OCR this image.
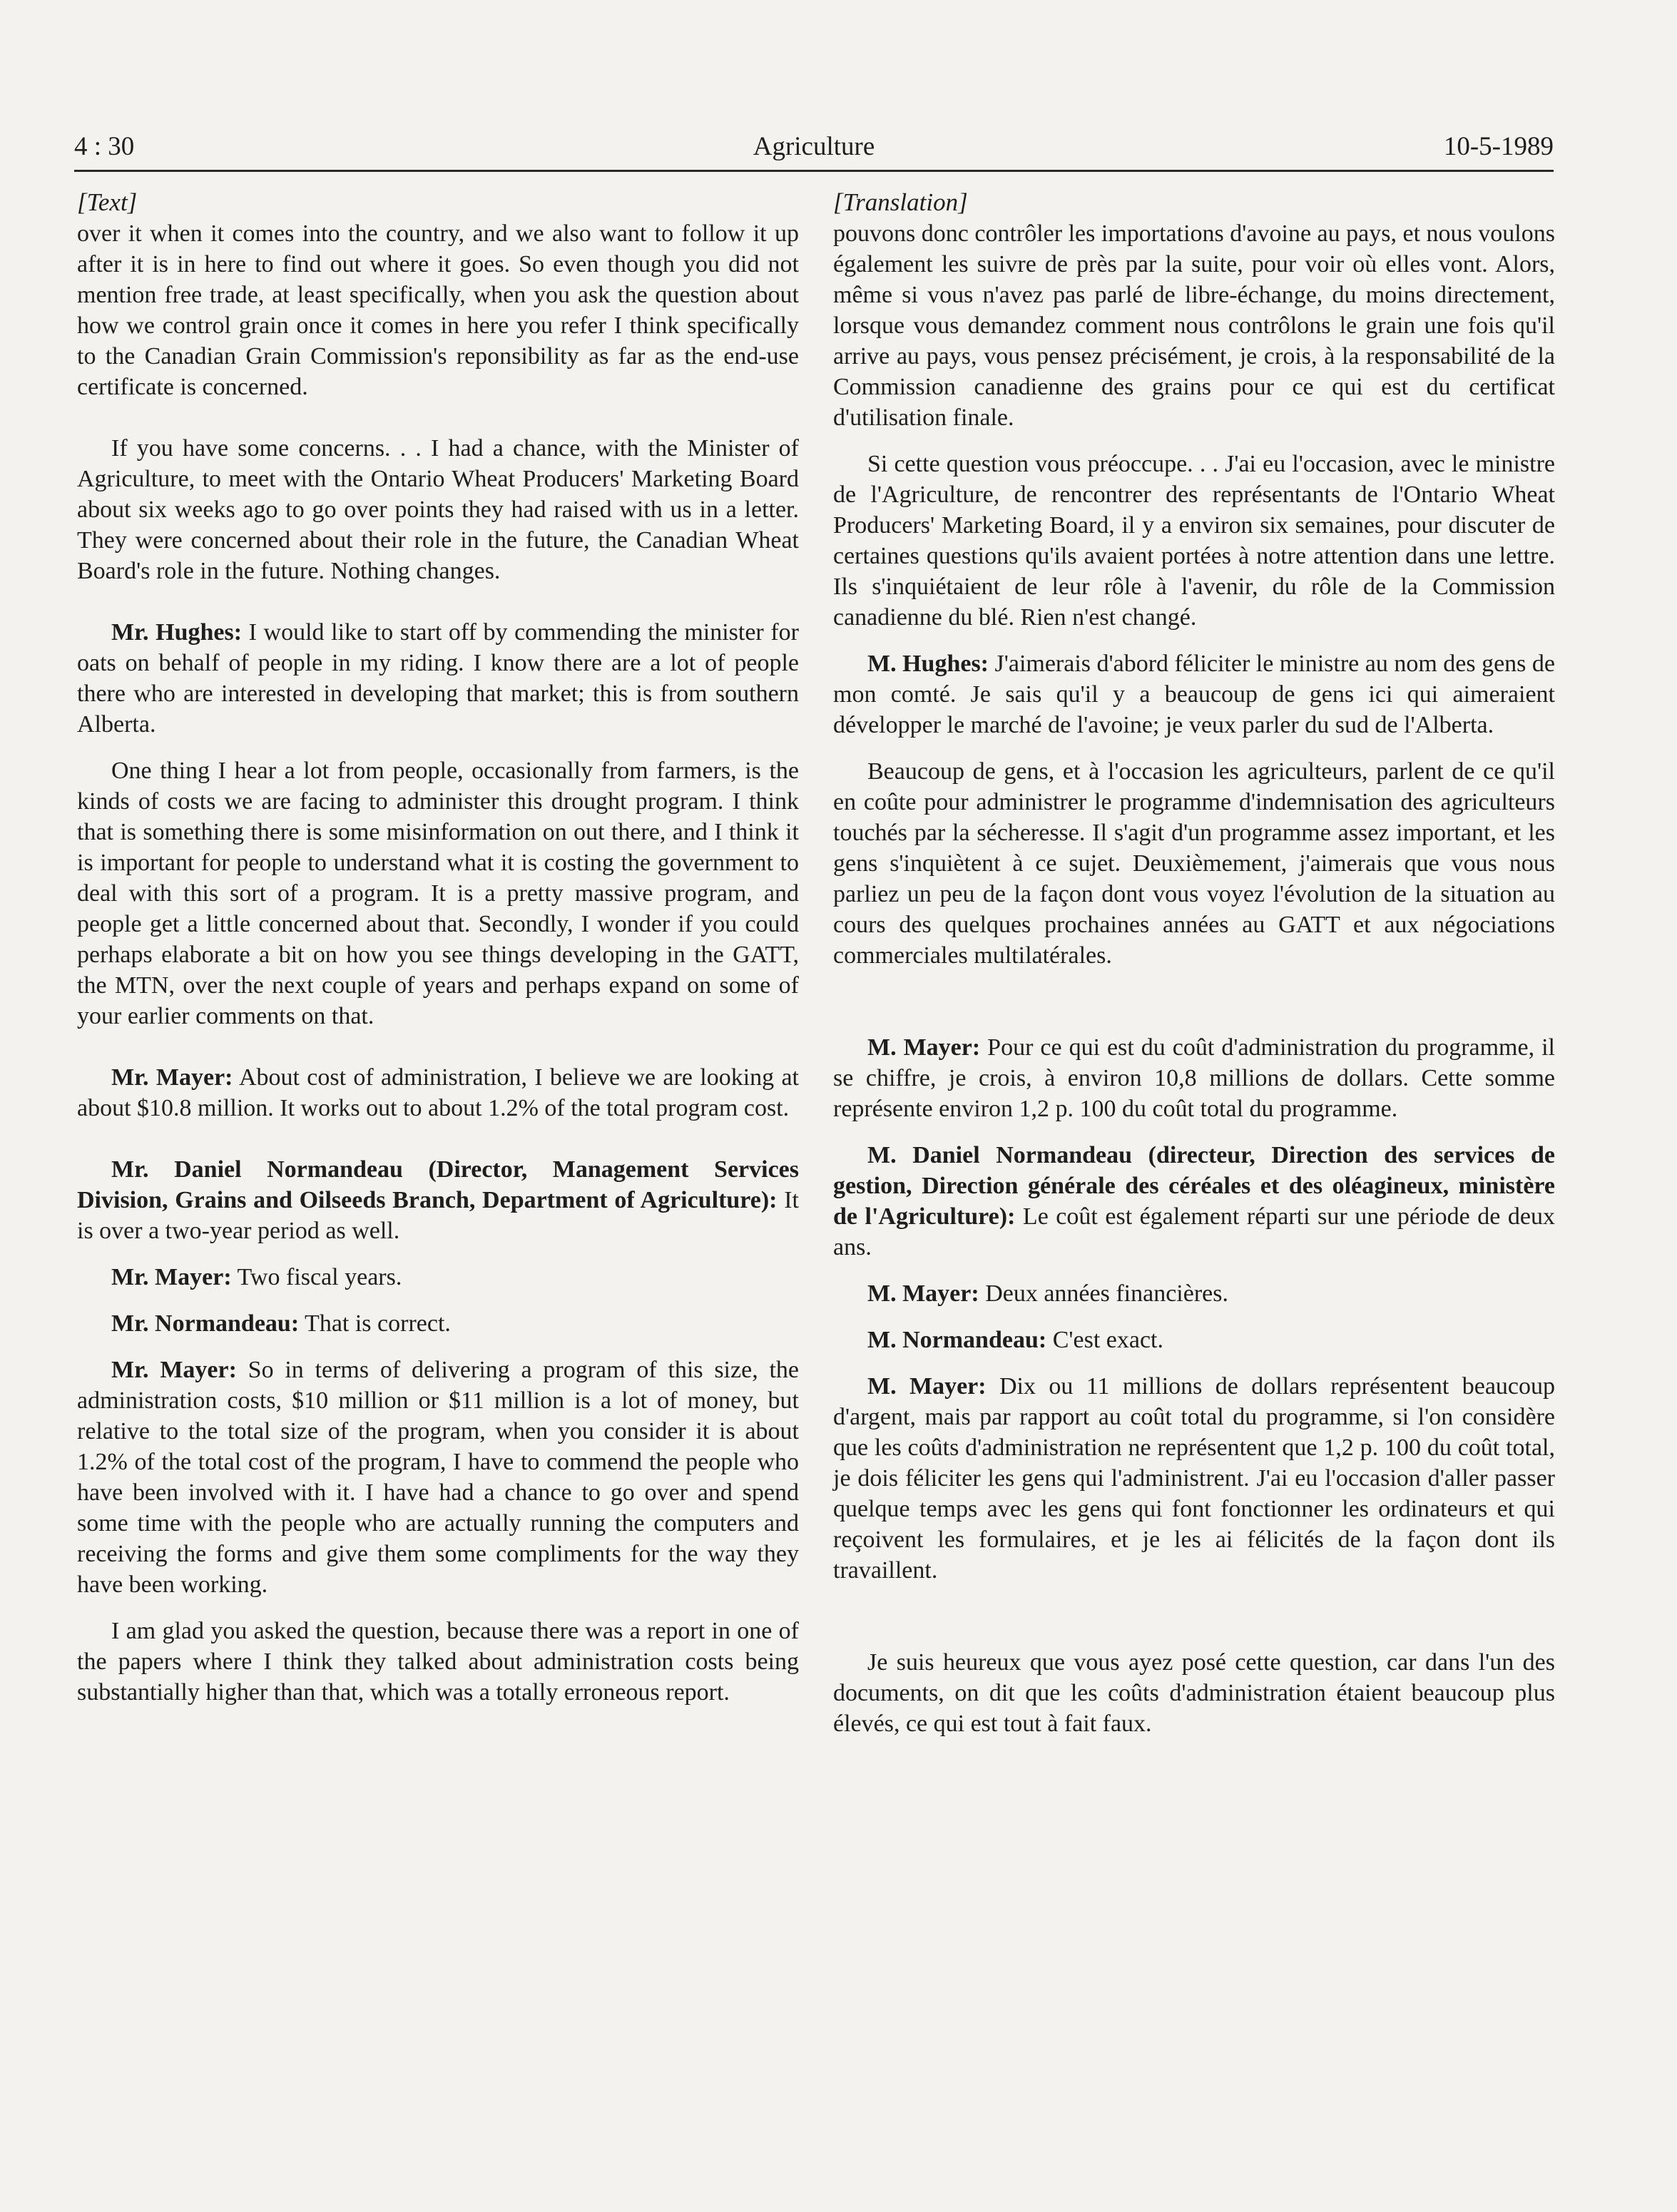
4 : 30	Agriculture	10-5-1989
[Text]

over it when it comes into the country, and we also want to follow it up after it is in here to find out where it goes. So even though you did not mention free trade, at least specifically, when you ask the question about how we control grain once it comes in here you refer I think specifically to the Canadian Grain Commission's reponsibility as far as the end-use certificate is concerned.

If you have some concerns. . . I had a chance, with the Minister of Agriculture, to meet with the Ontario Wheat Producers' Marketing Board about six weeks ago to go over points they had raised with us in a letter. They were concerned about their role in the future, the Canadian Wheat Board's role in the future. Nothing changes.

Mr. Hughes: I would like to start off by commending the minister for oats on behalf of people in my riding. I know there are a lot of people there who are interested in developing that market; this is from southern Alberta.

One thing I hear a lot from people, occasionally from farmers, is the kinds of costs we are facing to administer this drought program. I think that is something there is some misinformation on out there, and I think it is important for people to understand what it is costing the government to deal with this sort of a program. It is a pretty massive program, and people get a little concerned about that. Secondly, I wonder if you could perhaps elaborate a bit on how you see things developing in the GATT, the MTN, over the next couple of years and perhaps expand on some of your earlier comments on that.

Mr. Mayer: About cost of administration, I believe we are looking at about $10.8 million. It works out to about 1.2% of the total program cost.

Mr. Daniel Normandeau (Director, Management Services Division, Grains and Oilseeds Branch, Department of Agriculture): It is over a two-year period as well.

Mr. Mayer: Two fiscal years.

Mr. Normandeau: That is correct.

Mr. Mayer: So in terms of delivering a program of this size, the administration costs, $10 million or $11 million is a lot of money, but relative to the total size of the program, when you consider it is about 1.2% of the total cost of the program, I have to commend the people who have been involved with it. I have had a chance to go over and spend some time with the people who are actually running the computers and receiving the forms and give them some compliments for the way they have been working.

I am glad you asked the question, because there was a report in one of the papers where I think they talked about administration costs being substantially higher than that, which was a totally erroneous report.

[Translation]

pouvons donc contrôler les importations d'avoine au pays, et nous voulons également les suivre de près par la suite, pour voir où elles vont. Alors, même si vous n'avez pas parlé de libre-échange, du moins directement, lorsque vous demandez comment nous contrôlons le grain une fois qu'il arrive au pays, vous pensez précisément, je crois, à la responsabilité de la Commission canadienne des grains pour ce qui est du certificat d'utilisation finale.

Si cette question vous préoccupe. . . J'ai eu l'occasion, avec le ministre de l'Agriculture, de rencontrer des représentants de l'Ontario Wheat Producers' Marketing Board, il y a environ six semaines, pour discuter de certaines questions qu'ils avaient portées à notre attention dans une lettre. Ils s'inquiétaient de leur rôle à l'avenir, du rôle de la Commission canadienne du blé. Rien n'est changé.

M. Hughes: J'aimerais d'abord féliciter le ministre au nom des gens de mon comté. Je sais qu'il y a beaucoup de gens ici qui aimeraient développer le marché de l'avoine; je veux parler du sud de l'Alberta.

Beaucoup de gens, et à l'occasion les agriculteurs, parlent de ce qu'il en coûte pour administrer le programme d'indemnisation des agriculteurs touchés par la sécheresse. Il s'agit d'un programme assez important, et les gens s'inquiètent à ce sujet. Deuxièmement, j'aimerais que vous nous parliez un peu de la façon dont vous voyez l'évolution de la situation au cours des quelques prochaines années au GATT et aux négociations commerciales multilatérales.

M. Mayer: Pour ce qui est du coût d'administration du programme, il se chiffre, je crois, à environ 10,8 millions de dollars. Cette somme représente environ 1,2 p. 100 du coût total du programme.

M. Daniel Normandeau (directeur, Direction des services de gestion, Direction générale des céréales et des oléagineux, ministère de l'Agriculture): Le coût est également réparti sur une période de deux ans.

M. Mayer: Deux années financières.

M. Normandeau: C'est exact.

M. Mayer: Dix ou 11 millions de dollars représentent beaucoup d'argent, mais par rapport au coût total du programme, si l'on considère que les coûts d'administration ne représentent que 1,2 p. 100 du coût total, je dois féliciter les gens qui l'administrent. J'ai eu l'occasion d'aller passer quelque temps avec les gens qui font fonctionner les ordinateurs et qui reçoivent les formulaires, et je les ai félicités de la façon dont ils travaillent.

Je suis heureux que vous ayez posé cette question, car dans l'un des documents, on dit que les coûts d'administration étaient beaucoup plus élevés, ce qui est tout à fait faux.
